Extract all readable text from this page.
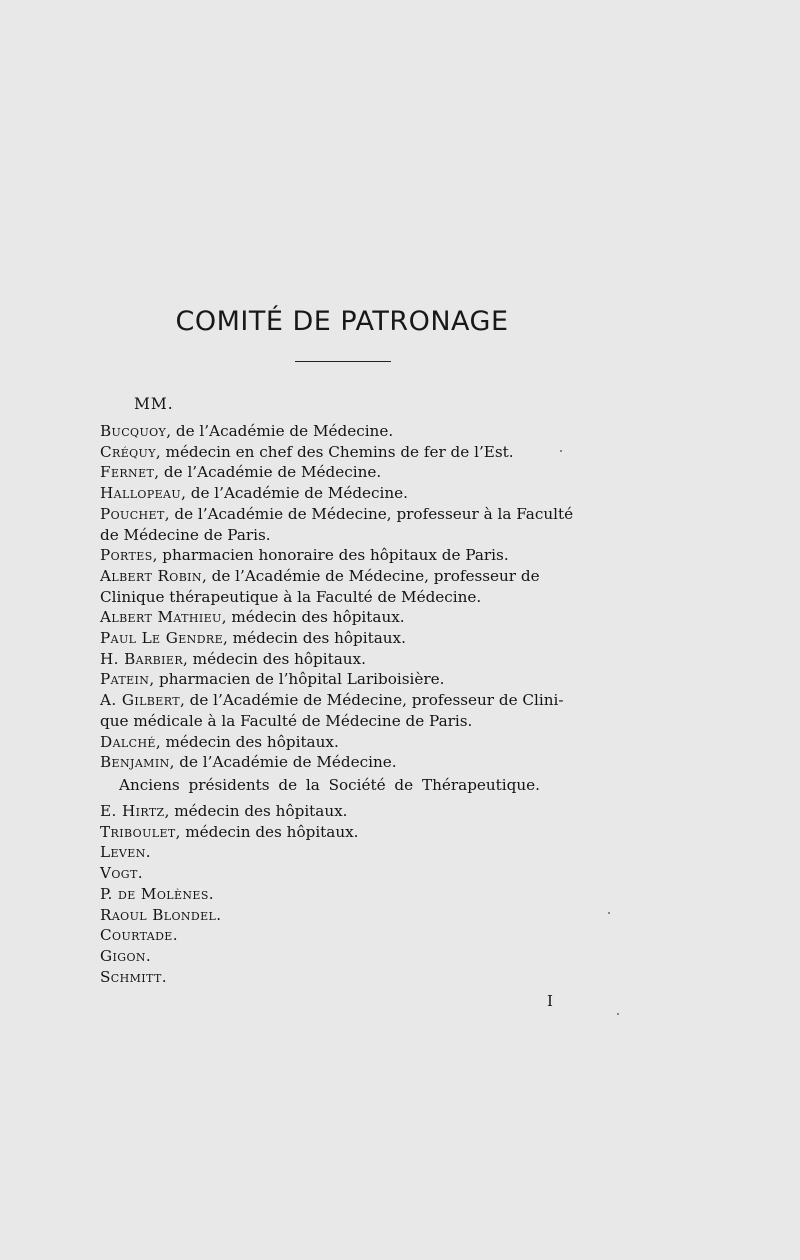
COMITÉ DE PATRONAGE
MM.
Bucquoy, de l’Académie de Médecine.
Créquy, médecin en chef des Chemins de fer de l’Est.
Fernet, de l’Académie de Médecine.
Hallopeau, de l’Académie de Médecine.
Pouchet, de l’Académie de Médecine, professeur à la Faculté
de Médecine de Paris.
Portes, pharmacien honoraire des hôpitaux de Paris.
Albert Robin, de l’Académie de Médecine, professeur de
Clinique thérapeutique à la Faculté de Médecine.
Albert Mathieu, médecin des hôpitaux.
Paul Le Gendre, médecin des hôpitaux.
H. Barbier, médecin des hôpitaux.
Patein, pharmacien de l’hôpital Lariboisière.
A. Gilbert, de l’Académie de Médecine, professeur de Clini-
que médicale à la Faculté de Médecine de Paris.
Dalché, médecin des hôpitaux.
Benjamin, de l’Académie de Médecine.
Anciens présidents de la Société de Thérapeutique.
E. Hirtz, médecin des hôpitaux.
Triboulet, médecin des hôpitaux.
Leven.
Vogt.
P. de Molènes.
Raoul Blondel.
Courtade.
Gigon.
Schmitt.
I
